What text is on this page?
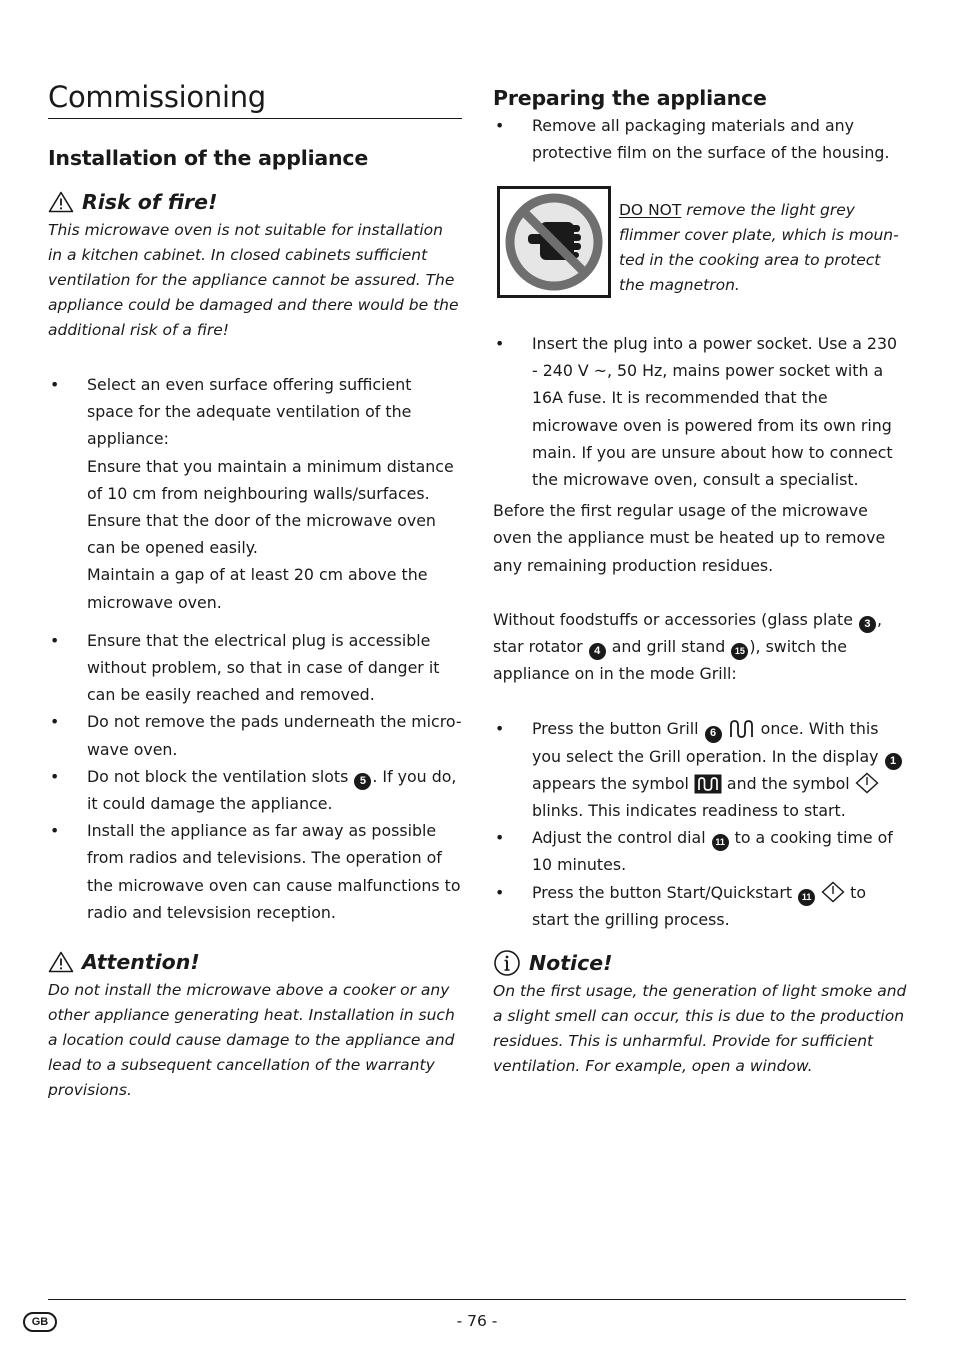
Commissioning
Installation of the appliance
Risk of fire!

This microwave oven is not suitable for installation in a kitchen cabinet. In closed cabinets sufficient ventilation for the appliance cannot be assured. The appliance could be damaged and there would be the additional risk of a fire!

• Select an even surface offering sufficient space for the adequate ventilation of the appliance:
Ensure that you maintain a minimum distance of 10 cm from neighbouring walls/surfaces.
Ensure that the door of the microwave oven can be opened easily.
Maintain a gap of at least 20 cm above the microwave oven.
• Ensure that the electrical plug is accessible without problem, so that in case of danger it can be easily reached and removed.
• Do not remove the pads underneath the micro-wave oven.
• Do not block the ventilation slots 5 . If you do, it could damage the appliance.
• Install the appliance as far away as possible from radios and televisions. The operation of the microwave oven can cause malfunctions to radio and televsision reception.
Attention!

Do not install the microwave above a cooker or any other appliance generating heat. Installation in such a location could cause damage to the appliance and lead to a subsequent cancellation of the warranty provisions.

Preparing the appliance
• Remove all packaging materials and any protective film on the surface of the housing.

DO NOT remove the light grey flimmer cover plate, which is moun-ted in the cooking area to protect the magnetron.

• Insert the plug into a power socket. Use a 230 - 240 V ~, 50 Hz, mains power socket with a 16A fuse. It is recommended that the microwave oven is powered from its own ring main. If you are unsure about how to connect the microwave oven, consult a specialist.

Before the first regular usage of the microwave oven the appliance must be heated up to remove any remaining production residues.

Without foodstuffs or accessories (glass plate 3 , star rotator 4 and grill stand 15 ), switch the appliance on in the mode Grill:

• Press the button Grill 6  once. With this you select the Grill operation. In the display 1 appears the symbol  and the symbol  blinks. This indicates readiness to start.
• Adjust the control dial 11 to a cooking time of 10 minutes.
• Press the button Start/Quickstart 11  to start the grilling process.
Notice!

On the first usage, the generation of light smoke and a slight smell can occur, this is due to the production residues. This is unharmful. Provide for sufficient ventilation. For example, open a window.

GB	- 76 -
